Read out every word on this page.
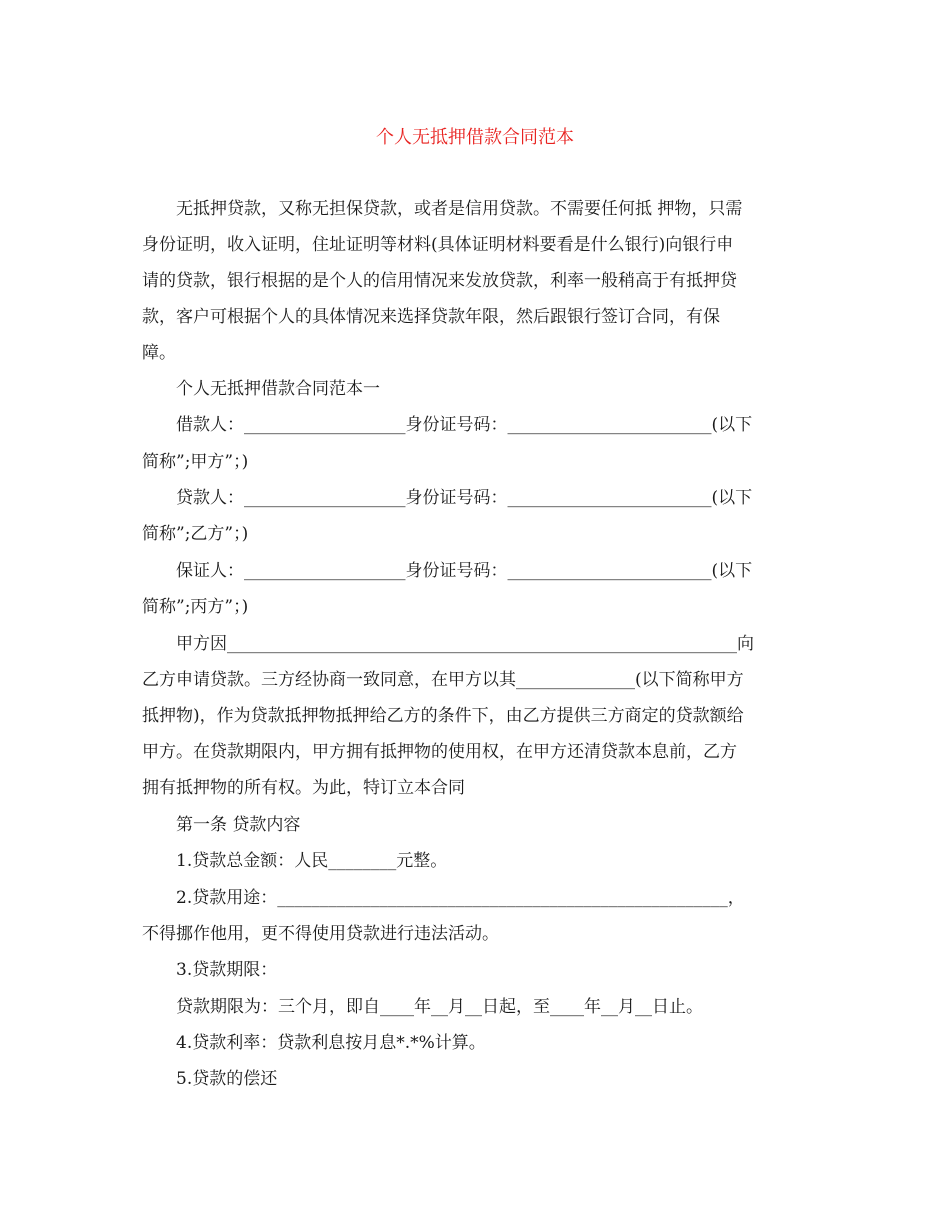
个人无抵押借款合同范本
无抵押贷款，又称无担保贷款，或者是信用贷款。不需要任何抵 押物，只需
身份证明，收入证明，住址证明等材料(具体证明材料要看是什么银行)向银行申
请的贷款，银行根据的是个人的信用情况来发放贷款，利率一般稍高于有抵押贷
款，客户可根据个人的具体情况来选择贷款年限，然后跟银行签订合同，有保
障。
个人无抵押借款合同范本一
借款人：___________________身份证号码：________________________(以下
简称”;甲方”；)
贷款人：___________________身份证号码：________________________(以下
简称”;乙方”；)
保证人：___________________身份证号码：________________________(以下
简称”;丙方”；)
甲方因____________________________________________________________向
乙方申请贷款。三方经协商一致同意，在甲方以其______________(以下简称甲方
抵押物)，作为贷款抵押物抵押给乙方的条件下，由乙方提供三方商定的贷款额给
甲方。在贷款期限内，甲方拥有抵押物的使用权，在甲方还清贷款本息前，乙方
拥有抵押物的所有权。为此，特订立本合同
第一条 贷款内容
1.贷款总金额：人民________元整。
2.贷款用途：_____________________________________________________，
不得挪作他用，更不得使用贷款进行违法活动。
3.贷款期限：
贷款期限为：三个月，即自____年__月__日起，至____年__月__日止。
4.贷款利率：贷款利息按月息*.*%计算。
5.贷款的偿还
